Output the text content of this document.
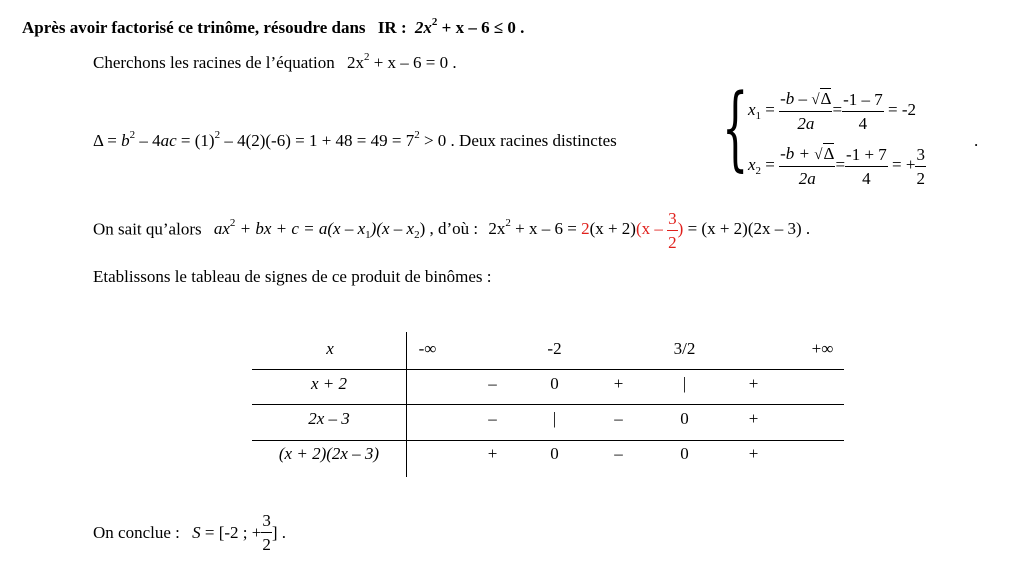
Après avoir factorisé ce trinôme, résoudre dans IR : $2x^2 + x - 6 \le 0$ .
Cherchons les racines de l’équation $2x^2 + x - 6 = 0$ .
$\Delta = b^2 - 4ac = (1)^2 - 4(2)(-6) = 1 + 48 = 49 = 7^2 > 0$ . Deux racines distinctes { $x_1 = \frac{-b - √\Delta}{2a} = \frac{-1 - 7}{4} = -2$
$x_2 = \frac{-b + √\Delta}{2a} = \frac{-1 + 7}{4}$ = + $\frac{3}{2}$
.
On sait qu’alors $ax^2$ + bx + $c = a(x - x_1)(x - x_2)$ , d’où : $2x^2 + x - 6 = 2(x + 2)(x - \frac{3}{2}$ ) = (x + 2)(2x – 3) .
Etablissons le tableau de signes de ce produit de binômes :
x	-∞	-2	3/2	+∞
x + 2	–	0	+	|	+
2x – 3	–	|	–	0	+
(x + 2)(2x – 3)	+	0	–	0	+
On conclue : S = [-2 ; + $\frac{3}{2}$ ] .
